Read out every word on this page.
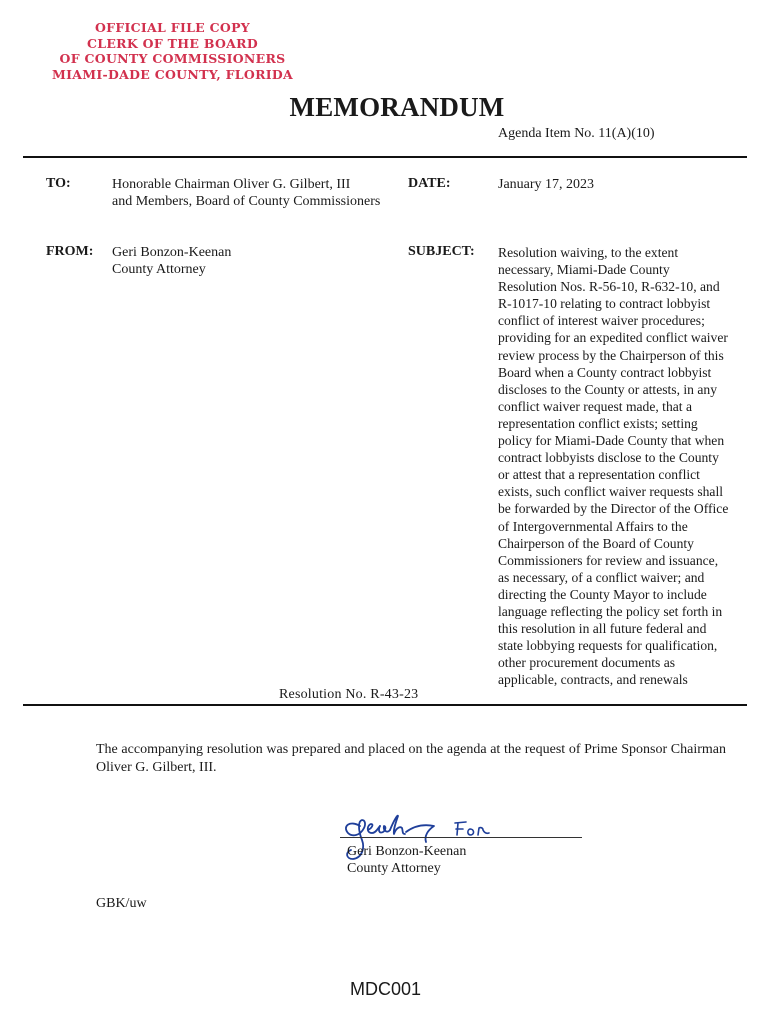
OFFICIAL FILE COPY
CLERK OF THE BOARD
OF COUNTY COMMISSIONERS
MIAMI-DADE COUNTY, FLORIDA
MEMORANDUM
Agenda Item No. 11(A)(10)
TO:	Honorable Chairman Oliver G. Gilbert, III
and Members, Board of County Commissioners
DATE:	January 17, 2023
FROM: Geri Bonzon-Keenan
County Attorney
SUBJECT: Resolution waiving, to the extent
necessary, Miami-Dade County
Resolution Nos. R-56-10, R-632-10, and
R-1017-10 relating to contract lobbyist
conflict of interest waiver procedures;
providing for an expedited conflict waiver
review process by the Chairperson of this
Board when a County contract lobbyist
discloses to the County or attests, in any
conflict waiver request made, that a
representation conflict exists; setting
policy for Miami-Dade County that when
contract lobbyists disclose to the County
or attest that a representation conflict
exists, such conflict waiver requests shall
be forwarded by the Director of the Office
of Intergovernmental Affairs to the
Chairperson of the Board of County
Commissioners for review and issuance,
as necessary, of a conflict waiver; and
directing the County Mayor to include
language reflecting the policy set forth in
this resolution in all future federal and
state lobbying requests for qualification,
other procurement documents as
applicable, contracts, and renewals
Resolution No. R-43-23
The accompanying resolution was prepared and placed on the agenda at the request of Prime Sponsor Chairman Oliver G. Gilbert, III.
Geri Bonzon-Keenan
County Attorney
GBK/uw
MDC001
